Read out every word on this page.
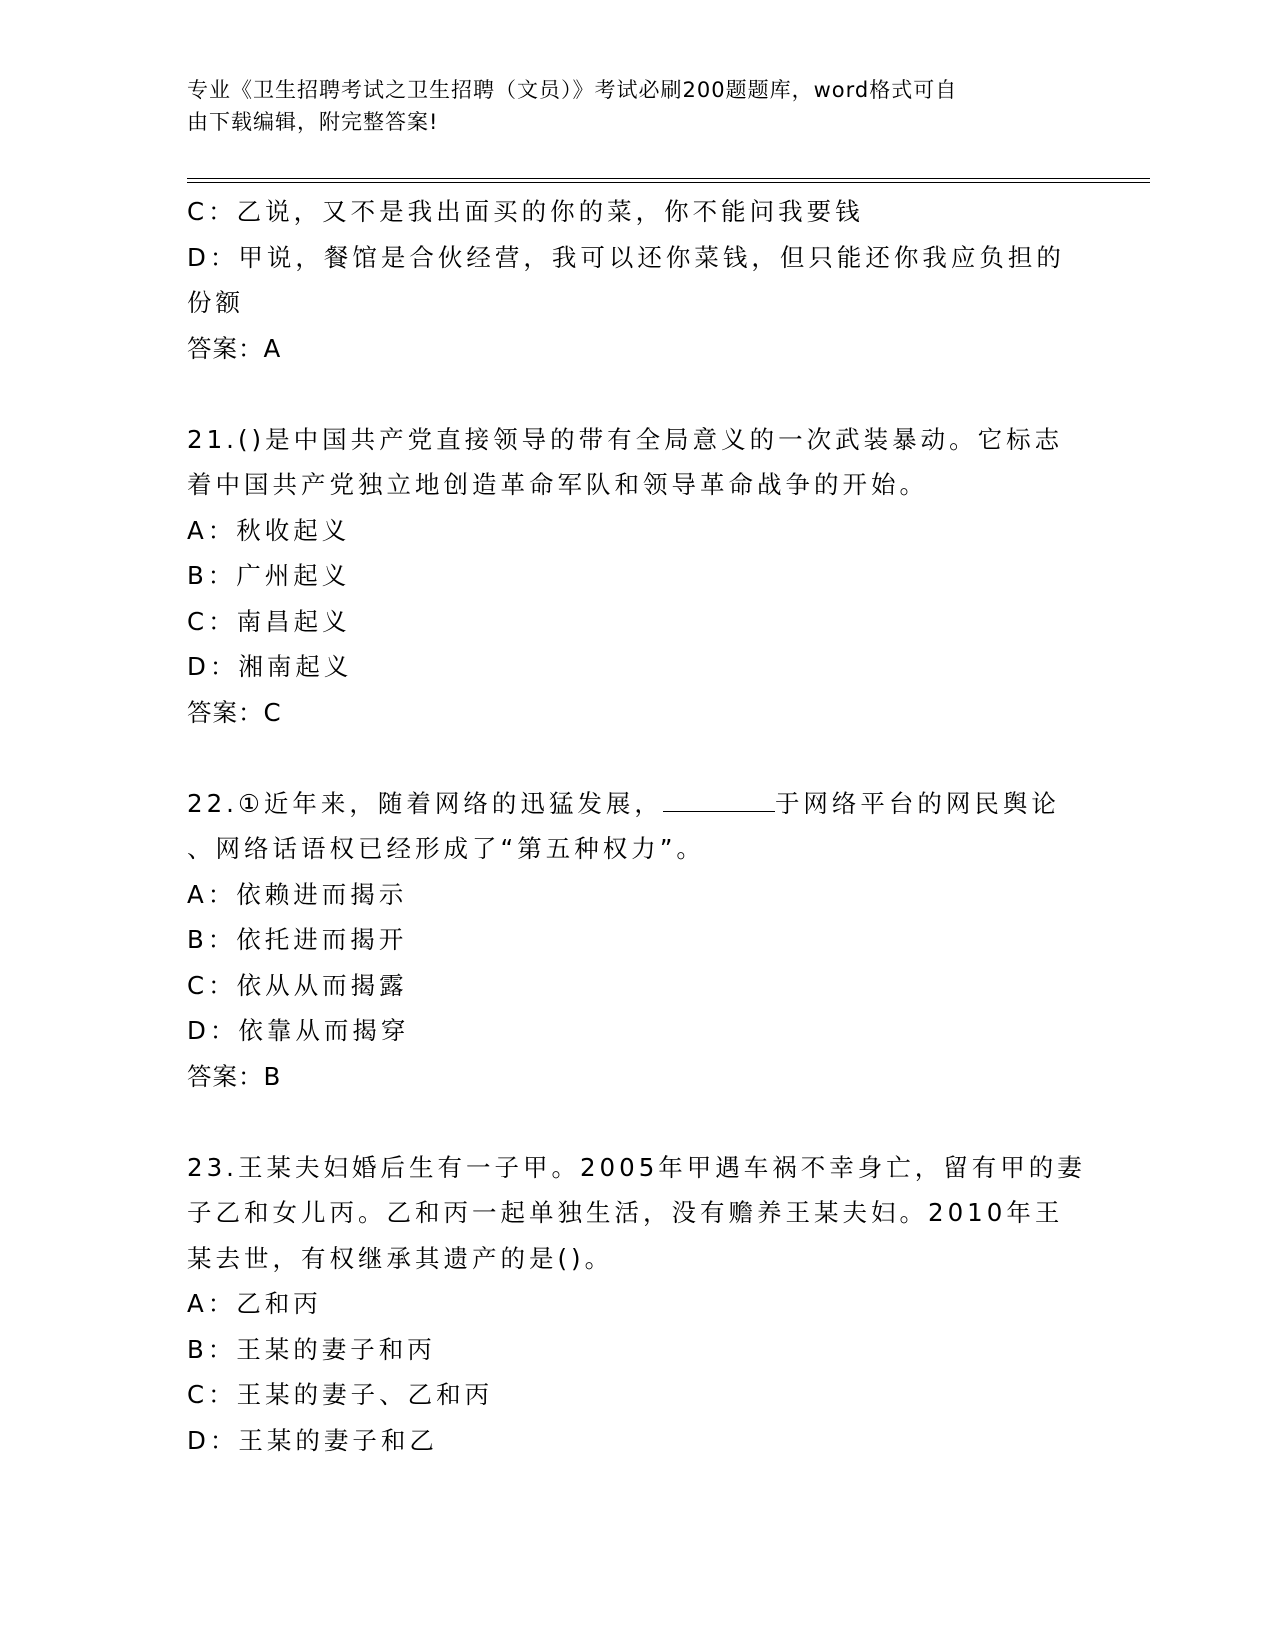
专业《卫生招聘考试之卫生招聘（文员）》考试必刷200题题库，word格式可自
由下载编辑，附完整答案!
C：乙说，又不是我出面买的你的菜，你不能问我要钱
D：甲说，餐馆是合伙经营，我可以还你菜钱，但只能还你我应负担的
份额
答案：A
21.()是中国共产党直接领导的带有全局意义的一次武装暴动。它标志
着中国共产党独立地创造革命军队和领导革命战争的开始。
A：秋收起义
B：广州起义
C：南昌起义
D：湘南起义
答案：C
22.①近年来，随着网络的迅猛发展，	于网络平台的网民舆论
、网络话语权已经形成了“第五种权力”。
A：依赖进而揭示
B：依托进而揭开
C：依从从而揭露
D：依靠从而揭穿
答案：B
23.王某夫妇婚后生有一子甲。2005年甲遇车祸不幸身亡，留有甲的妻
子乙和女儿丙。乙和丙一起单独生活，没有赡养王某夫妇。2010年王
某去世，有权继承其遗产的是()。
A：乙和丙
B：王某的妻子和丙
C：王某的妻子、乙和丙
D：王某的妻子和乙
